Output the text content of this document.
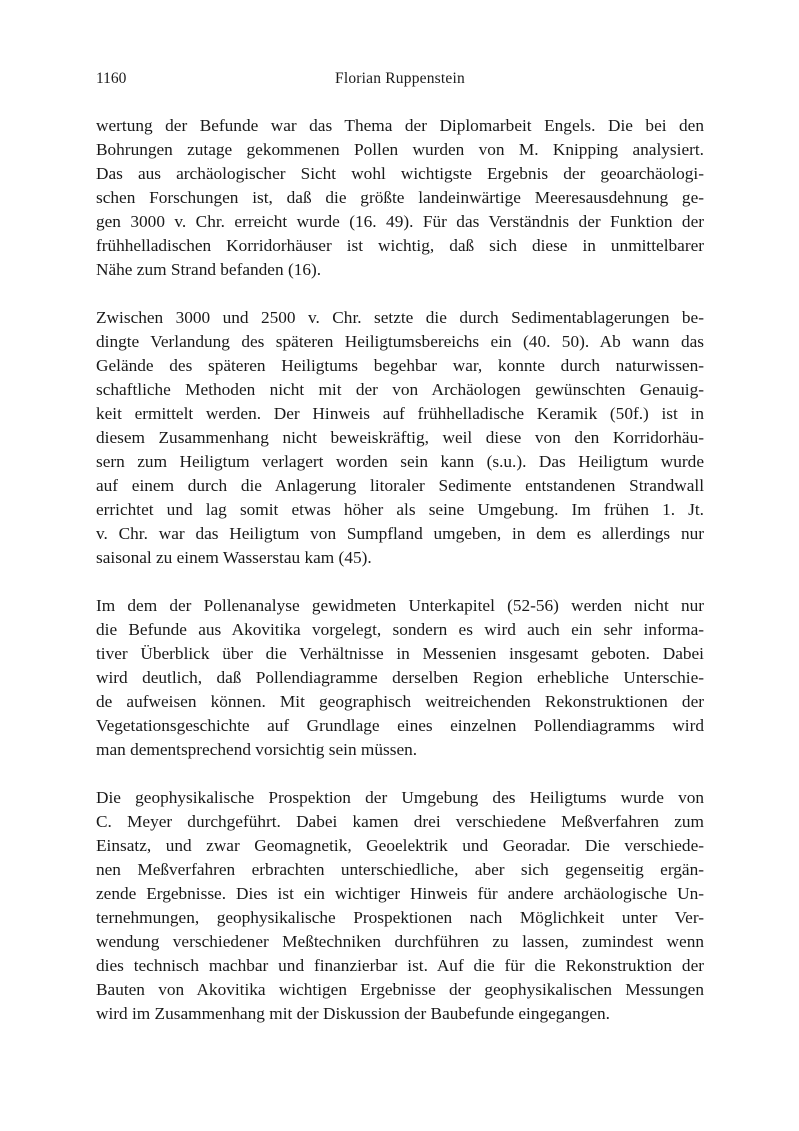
1160	Florian Ruppenstein
wertung der Befunde war das Thema der Diplomarbeit Engels. Die bei den
Bohrungen zutage gekommenen Pollen wurden von M. Knipping analysiert.
Das aus archäologischer Sicht wohl wichtigste Ergebnis der geoarchäologi-
schen Forschungen ist, daß die größte landeinwärtige Meeresausdehnung ge-
gen 3000 v. Chr. erreicht wurde (16. 49). Für das Verständnis der Funktion der
frühhelladischen Korridorhäuser ist wichtig, daß sich diese in unmittelbarer
Nähe zum Strand befanden (16).
Zwischen 3000 und 2500 v. Chr. setzte die durch Sedimentablagerungen be-
dingte Verlandung des späteren Heiligtumsbereichs ein (40. 50). Ab wann das
Gelände des späteren Heiligtums begehbar war, konnte durch naturwissen-
schaftliche Methoden nicht mit der von Archäologen gewünschten Genauig-
keit ermittelt werden. Der Hinweis auf frühhelladische Keramik (50f.) ist in
diesem Zusammenhang nicht beweiskräftig, weil diese von den Korridorhäu-
sern zum Heiligtum verlagert worden sein kann (s.u.). Das Heiligtum wurde
auf einem durch die Anlagerung litoraler Sedimente entstandenen Strandwall
errichtet und lag somit etwas höher als seine Umgebung. Im frühen 1. Jt.
v. Chr. war das Heiligtum von Sumpfland umgeben, in dem es allerdings nur
saisonal zu einem Wasserstau kam (45).
Im dem der Pollenanalyse gewidmeten Unterkapitel (52-56) werden nicht nur
die Befunde aus Akovitika vorgelegt, sondern es wird auch ein sehr informa-
tiver Überblick über die Verhältnisse in Messenien insgesamt geboten. Dabei
wird deutlich, daß Pollendiagramme derselben Region erhebliche Unterschie-
de aufweisen können. Mit geographisch weitreichenden Rekonstruktionen der
Vegetationsgeschichte auf Grundlage eines einzelnen Pollendiagramms wird
man dementsprechend vorsichtig sein müssen.
Die geophysikalische Prospektion der Umgebung des Heiligtums wurde von
C. Meyer durchgeführt. Dabei kamen drei verschiedene Meßverfahren zum
Einsatz, und zwar Geomagnetik, Geoelektrik und Georadar. Die verschiede-
nen Meßverfahren erbrachten unterschiedliche, aber sich gegenseitig ergän-
zende Ergebnisse. Dies ist ein wichtiger Hinweis für andere archäologische Un-
ternehmungen, geophysikalische Prospektionen nach Möglichkeit unter Ver-
wendung verschiedener Meßtechniken durchführen zu lassen, zumindest wenn
dies technisch machbar und finanzierbar ist. Auf die für die Rekonstruktion der
Bauten von Akovitika wichtigen Ergebnisse der geophysikalischen Messungen
wird im Zusammenhang mit der Diskussion der Baubefunde eingegangen.
